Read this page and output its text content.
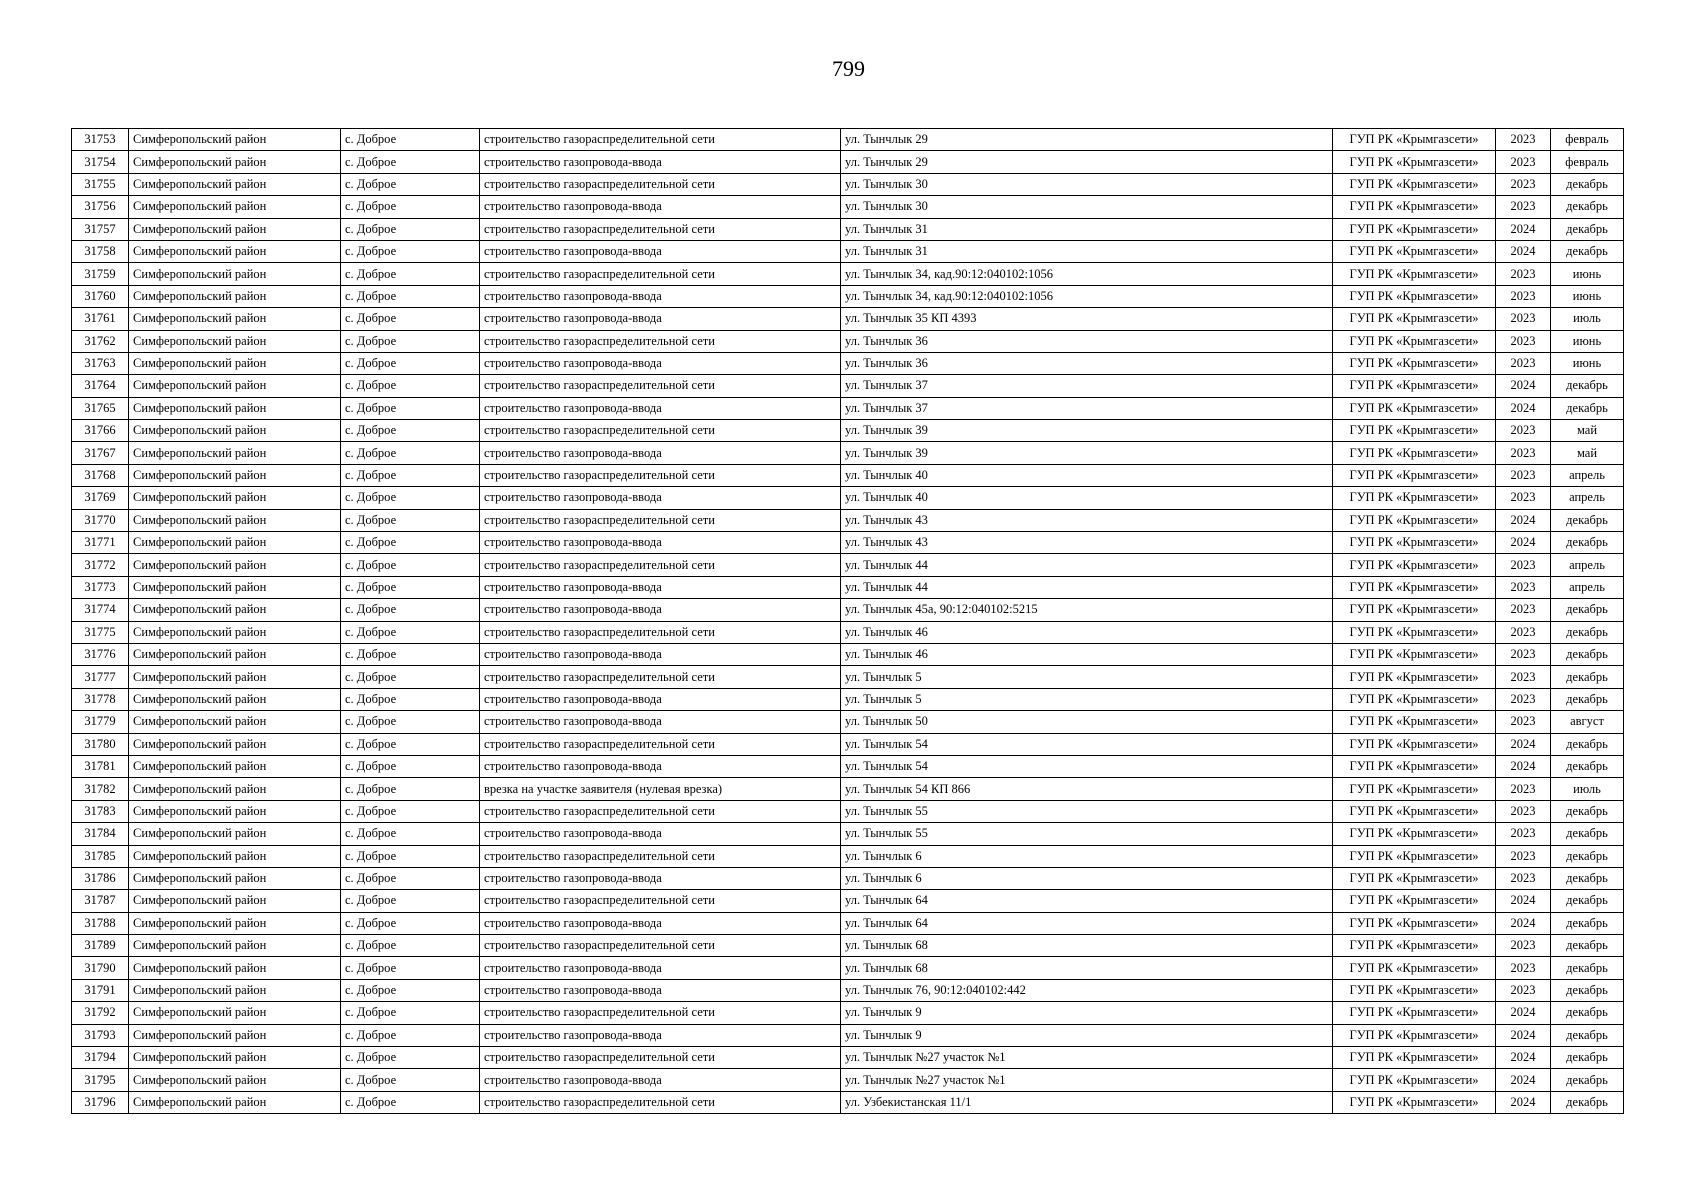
799
31753	Симферопольский район	с. Доброе	строительство газораспределительной сети	ул. Тынчлык 29	ГУП РК «Крымгазсети»	2023	февраль
31754	Симферопольский район	с. Доброе	строительство газопровода-ввода	ул. Тынчлык 29	ГУП РК «Крымгазсети»	2023	февраль
31755	Симферопольский район	с. Доброе	строительство газораспределительной сети	ул. Тынчлык 30	ГУП РК «Крымгазсети»	2023	декабрь
31756	Симферопольский район	с. Доброе	строительство газопровода-ввода	ул. Тынчлык 30	ГУП РК «Крымгазсети»	2023	декабрь
31757	Симферопольский район	с. Доброе	строительство газораспределительной сети	ул. Тынчлык 31	ГУП РК «Крымгазсети»	2024	декабрь
31758	Симферопольский район	с. Доброе	строительство газопровода-ввода	ул. Тынчлык 31	ГУП РК «Крымгазсети»	2024	декабрь
31759	Симферопольский район	с. Доброе	строительство газораспределительной сети	ул. Тынчлык 34, кад.90:12:040102:1056	ГУП РК «Крымгазсети»	2023	июнь
31760	Симферопольский район	с. Доброе	строительство газопровода-ввода	ул. Тынчлык 34, кад.90:12:040102:1056	ГУП РК «Крымгазсети»	2023	июнь
31761	Симферопольский район	с. Доброе	строительство газопровода-ввода	ул. Тынчлык 35 КП 4393	ГУП РК «Крымгазсети»	2023	июль
31762	Симферопольский район	с. Доброе	строительство газораспределительной сети	ул. Тынчлык 36	ГУП РК «Крымгазсети»	2023	июнь
31763	Симферопольский район	с. Доброе	строительство газопровода-ввода	ул. Тынчлык 36	ГУП РК «Крымгазсети»	2023	июнь
31764	Симферопольский район	с. Доброе	строительство газораспределительной сети	ул. Тынчлык 37	ГУП РК «Крымгазсети»	2024	декабрь
31765	Симферопольский район	с. Доброе	строительство газопровода-ввода	ул. Тынчлык 37	ГУП РК «Крымгазсети»	2024	декабрь
31766	Симферопольский район	с. Доброе	строительство газораспределительной сети	ул. Тынчлык 39	ГУП РК «Крымгазсети»	2023	май
31767	Симферопольский район	с. Доброе	строительство газопровода-ввода	ул. Тынчлык 39	ГУП РК «Крымгазсети»	2023	май
31768	Симферопольский район	с. Доброе	строительство газораспределительной сети	ул. Тынчлык 40	ГУП РК «Крымгазсети»	2023	апрель
31769	Симферопольский район	с. Доброе	строительство газопровода-ввода	ул. Тынчлык 40	ГУП РК «Крымгазсети»	2023	апрель
31770	Симферопольский район	с. Доброе	строительство газораспределительной сети	ул. Тынчлык 43	ГУП РК «Крымгазсети»	2024	декабрь
31771	Симферопольский район	с. Доброе	строительство газопровода-ввода	ул. Тынчлык 43	ГУП РК «Крымгазсети»	2024	декабрь
31772	Симферопольский район	с. Доброе	строительство газораспределительной сети	ул. Тынчлык 44	ГУП РК «Крымгазсети»	2023	апрель
31773	Симферопольский район	с. Доброе	строительство газопровода-ввода	ул. Тынчлык 44	ГУП РК «Крымгазсети»	2023	апрель
31774	Симферопольский район	с. Доброе	строительство газопровода-ввода	ул. Тынчлык 45а, 90:12:040102:5215	ГУП РК «Крымгазсети»	2023	декабрь
31775	Симферопольский район	с. Доброе	строительство газораспределительной сети	ул. Тынчлык 46	ГУП РК «Крымгазсети»	2023	декабрь
31776	Симферопольский район	с. Доброе	строительство газопровода-ввода	ул. Тынчлык 46	ГУП РК «Крымгазсети»	2023	декабрь
31777	Симферопольский район	с. Доброе	строительство газораспределительной сети	ул. Тынчлык 5	ГУП РК «Крымгазсети»	2023	декабрь
31778	Симферопольский район	с. Доброе	строительство газопровода-ввода	ул. Тынчлык 5	ГУП РК «Крымгазсети»	2023	декабрь
31779	Симферопольский район	с. Доброе	строительство газопровода-ввода	ул. Тынчлык 50	ГУП РК «Крымгазсети»	2023	август
31780	Симферопольский район	с. Доброе	строительство газораспределительной сети	ул. Тынчлык 54	ГУП РК «Крымгазсети»	2024	декабрь
31781	Симферопольский район	с. Доброе	строительство газопровода-ввода	ул. Тынчлык 54	ГУП РК «Крымгазсети»	2024	декабрь
31782	Симферопольский район	с. Доброе	врезка на участке заявителя (нулевая врезка)	ул. Тынчлык 54 КП 866	ГУП РК «Крымгазсети»	2023	июль
31783	Симферопольский район	с. Доброе	строительство газораспределительной сети	ул. Тынчлык 55	ГУП РК «Крымгазсети»	2023	декабрь
31784	Симферопольский район	с. Доброе	строительство газопровода-ввода	ул. Тынчлык 55	ГУП РК «Крымгазсети»	2023	декабрь
31785	Симферопольский район	с. Доброе	строительство газораспределительной сети	ул. Тынчлык 6	ГУП РК «Крымгазсети»	2023	декабрь
31786	Симферопольский район	с. Доброе	строительство газопровода-ввода	ул. Тынчлык 6	ГУП РК «Крымгазсети»	2023	декабрь
31787	Симферопольский район	с. Доброе	строительство газораспределительной сети	ул. Тынчлык 64	ГУП РК «Крымгазсети»	2024	декабрь
31788	Симферопольский район	с. Доброе	строительство газопровода-ввода	ул. Тынчлык 64	ГУП РК «Крымгазсети»	2024	декабрь
31789	Симферопольский район	с. Доброе	строительство газораспределительной сети	ул. Тынчлык 68	ГУП РК «Крымгазсети»	2023	декабрь
31790	Симферопольский район	с. Доброе	строительство газопровода-ввода	ул. Тынчлык 68	ГУП РК «Крымгазсети»	2023	декабрь
31791	Симферопольский район	с. Доброе	строительство газопровода-ввода	ул. Тынчлык 76, 90:12:040102:442	ГУП РК «Крымгазсети»	2023	декабрь
31792	Симферопольский район	с. Доброе	строительство газораспределительной сети	ул. Тынчлык 9	ГУП РК «Крымгазсети»	2024	декабрь
31793	Симферопольский район	с. Доброе	строительство газопровода-ввода	ул. Тынчлык 9	ГУП РК «Крымгазсети»	2024	декабрь
31794	Симферопольский район	с. Доброе	строительство газораспределительной сети	ул. Тынчлык №27 участок №1	ГУП РК «Крымгазсети»	2024	декабрь
31795	Симферопольский район	с. Доброе	строительство газопровода-ввода	ул. Тынчлык №27 участок №1	ГУП РК «Крымгазсети»	2024	декабрь
31796	Симферопольский район	с. Доброе	строительство газораспределительной сети	ул. Узбекистанская 11/1	ГУП РК «Крымгазсети»	2024	декабрь
